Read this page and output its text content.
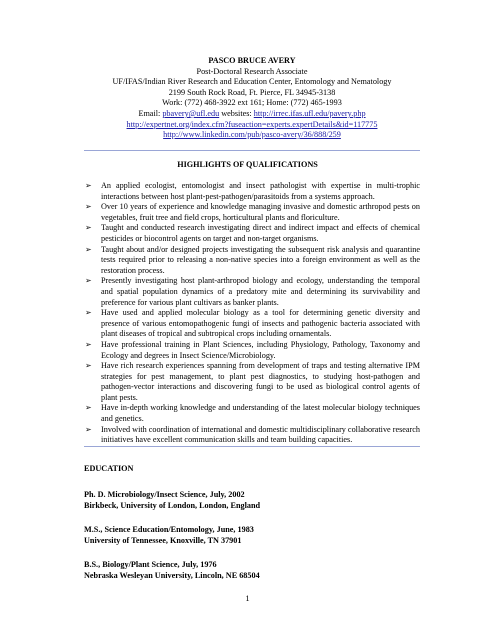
PASCO BRUCE AVERY
Post-Doctoral Research Associate
UF/IFAS/Indian River Research and Education Center, Entomology and Nematology
2199 South Rock Road, Ft. Pierce, FL 34945-3138
Work: (772) 468-3922 ext 161; Home: (772) 465-1993
Email: pbavery@ufl.edu websites: http://irrec.ifas.ufl.edu/pavery.php
http://expertnet.org/index.cfm?fuseaction=experts.expertDetails&id=117775
http://www.linkedin.com/pub/pasco-avery/36/888/259
HIGHLIGHTS OF QUALIFICATIONS
➢ An applied ecologist, entomologist and insect pathologist with expertise in multi-trophic interactions between host plant-pest-pathogen/parasitoids from a systems approach.
➢ Over 10 years of experience and knowledge managing invasive and domestic arthropod pests on vegetables, fruit tree and field crops, horticultural plants and floriculture.
➢ Taught and conducted research investigating direct and indirect impact and effects of chemical pesticides or biocontrol agents on target and non-target organisms.
➢ Taught about and/or designed projects investigating the subsequent risk analysis and quarantine tests required prior to releasing a non-native species into a foreign environment as well as the restoration process.
➢ Presently investigating host plant-arthropod biology and ecology, understanding the temporal and spatial population dynamics of a predatory mite and determining its survivability and preference for various plant cultivars as banker plants.
➢ Have used and applied molecular biology as a tool for determining genetic diversity and presence of various entomopathogenic fungi of insects and pathogenic bacteria associated with plant diseases of tropical and subtropical crops including ornamentals.
➢ Have professional training in Plant Sciences, including Physiology, Pathology, Taxonomy and Ecology and degrees in Insect Science/Microbiology.
➢ Have rich research experiences spanning from development of traps and testing alternative IPM strategies for pest management, to plant pest diagnostics, to studying host-pathogen and pathogen-vector interactions and discovering fungi to be used as biological control agents of plant pests.
➢ Have in-depth working knowledge and understanding of the latest molecular biology techniques and genetics.
➢ Involved with coordination of international and domestic multidisciplinary collaborative research initiatives have excellent communication skills and team building capacities.
EDUCATION
Ph. D. Microbiology/Insect Science, July, 2002
Birkbeck, University of London, London, England
M.S., Science Education/Entomology, June, 1983
University of Tennessee, Knoxville, TN 37901
B.S., Biology/Plant Science, July, 1976
Nebraska Wesleyan University, Lincoln, NE 68504
1
